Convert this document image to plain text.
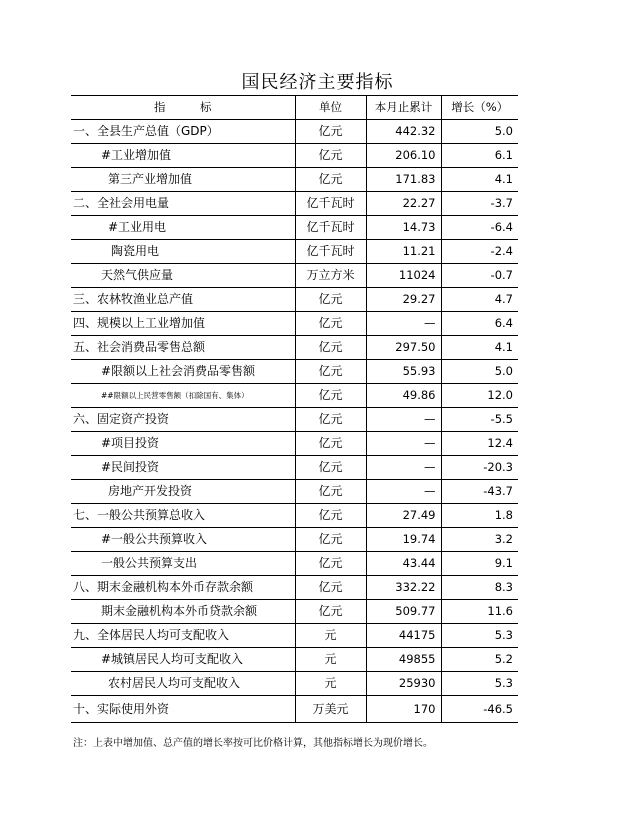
国民经济主要指标
指　　　标	单位	本月止累计	增长（%）
一、全县生产总值（GDP）	亿元	442.32	5.0
#工业增加值	亿元	206.10	6.1
第三产业增加值	亿元	171.83	4.1
二、全社会用电量	亿千瓦时	22.27	-3.7
#工业用电	亿千瓦时	14.73	-6.4
陶瓷用电	亿千瓦时	11.21	-2.4
天然气供应量	万立方米	11024	-0.7
三、农林牧渔业总产值	亿元	29.27	4.7
四、规模以上工业增加值	亿元	—	6.4
五、社会消费品零售总额	亿元	297.50	4.1
#限额以上社会消费品零售额	亿元	55.93	5.0
##限额以上民营零售额（扣除国有、集体）	亿元	49.86	12.0
六、固定资产投资	亿元	—	-5.5
#项目投资	亿元	—	12.4
#民间投资	亿元	—	-20.3
房地产开发投资	亿元	—	-43.7
七、一般公共预算总收入	亿元	27.49	1.8
#一般公共预算收入	亿元	19.74	3.2
一般公共预算支出	亿元	43.44	9.1
八、期末金融机构本外币存款余额	亿元	332.22	8.3
期末金融机构本外币贷款余额	亿元	509.77	11.6
九、全体居民人均可支配收入	元	44175	5.3
#城镇居民人均可支配收入	元	49855	5.2
农村居民人均可支配收入	元	25930	5.3
十、实际使用外资	万美元	170	-46.5
注：上表中增加值、总产值的增长率按可比价格计算，其他指标增长为现价增长。
